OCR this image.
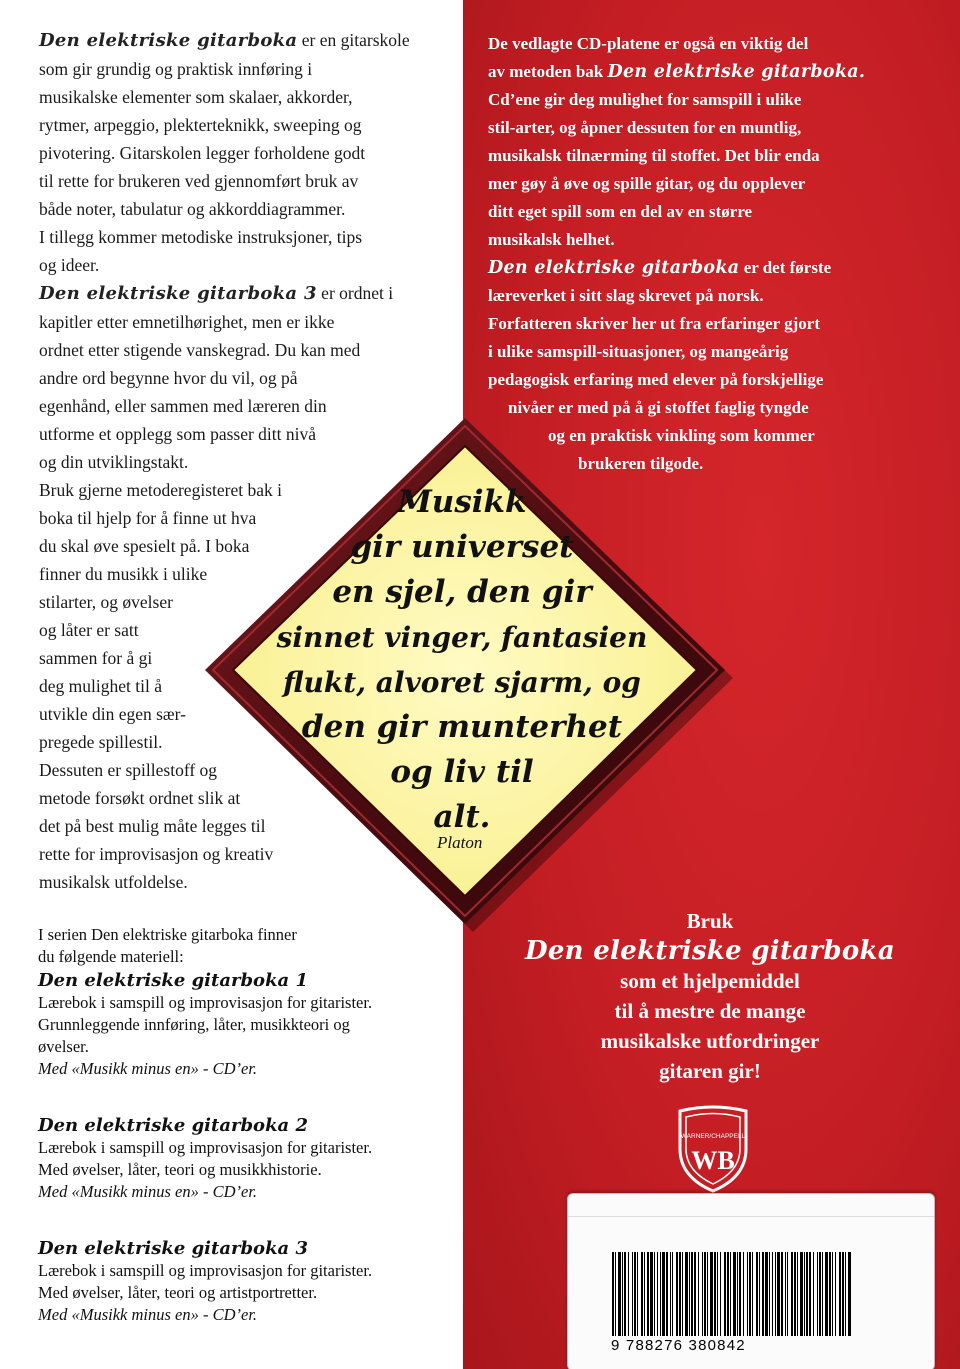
Den elektriske gitarboka er en gitarskole
som gir grundig og praktisk innføring i
musikalske elementer som skalaer, akkorder,
rytmer, arpeggio, plekterteknikk, sweeping og
pivotering. Gitarskolen legger forholdene godt
til rette for brukeren ved gjennomført bruk av
både noter, tabulatur og akkorddiagrammer.
I tillegg kommer metodiske instruksjoner, tips
og ideer.
Den elektriske gitarboka 3 er ordnet i
kapitler etter emnetilhørighet, men er ikke
ordnet etter stigende vanskegrad. Du kan med
andre ord begynne hvor du vil, og på
egenhånd, eller sammen med læreren din
utforme et opplegg som passer ditt nivå
og din utviklingstakt.
Bruk gjerne metoderegisteret bak i
boka til hjelp for å finne ut hva
du skal øve spesielt på. I boka
finner du musikk i ulike
stilarter, og øvelser
og låter er satt
sammen for å gi
deg mulighet til å
utvikle din egen sær-
pregede spillestil.
Dessuten er spillestoff og
metode forsøkt ordnet slik at
det på best mulig måte legges til
rette for improvisasjon og kreativ
musikalsk utfoldelse.
De vedlagte CD-platene er også en viktig del
av metoden bak Den elektriske gitarboka.
Cd’ene gir deg mulighet for samspill i ulike
stil-arter, og åpner dessuten for en muntlig,
musikalsk tilnærming til stoffet. Det blir enda
mer gøy å øve og spille gitar, og du opplever
ditt eget spill som en del av en større
musikalsk helhet.
Den elektriske gitarboka er det første
læreverket i sitt slag skrevet på norsk.
Forfatteren skriver her ut fra erfaringer gjort
i ulike samspill-situasjoner, og mangeårig
pedagogisk erfaring med elever på forskjellige
nivåer er med på å gi stoffet faglig tyngde
og en praktisk vinkling som kommer
brukeren tilgode.
Musikk
gir universet
en sjel, den gir
sinnet vinger, fantasien
flukt, alvoret sjarm, og
den gir munterhet
og liv til
alt.
Platon
Bruk
Den elektriske gitarboka
som et hjelpemiddel
til å mestre de mange
musikalske utfordringer
gitaren gir!
WARNER/CHAPPELL
WB
I serien Den elektriske gitarboka finner
du følgende materiell:
Den elektriske gitarboka 1
Lærebok i samspill og improvisasjon for gitarister.
Grunnleggende innføring, låter, musikkteori og
øvelser.
Med «Musikk minus en» - CD’er.
Den elektriske gitarboka 2
Lærebok i samspill og improvisasjon for gitarister.
Med øvelser, låter, teori og musikkhistorie.
Med «Musikk minus en» - CD’er.
Den elektriske gitarboka 3
Lærebok i samspill og improvisasjon for gitarister.
Med øvelser, låter, teori og artistportretter.
Med «Musikk minus en» - CD’er.
9 788276 380842
